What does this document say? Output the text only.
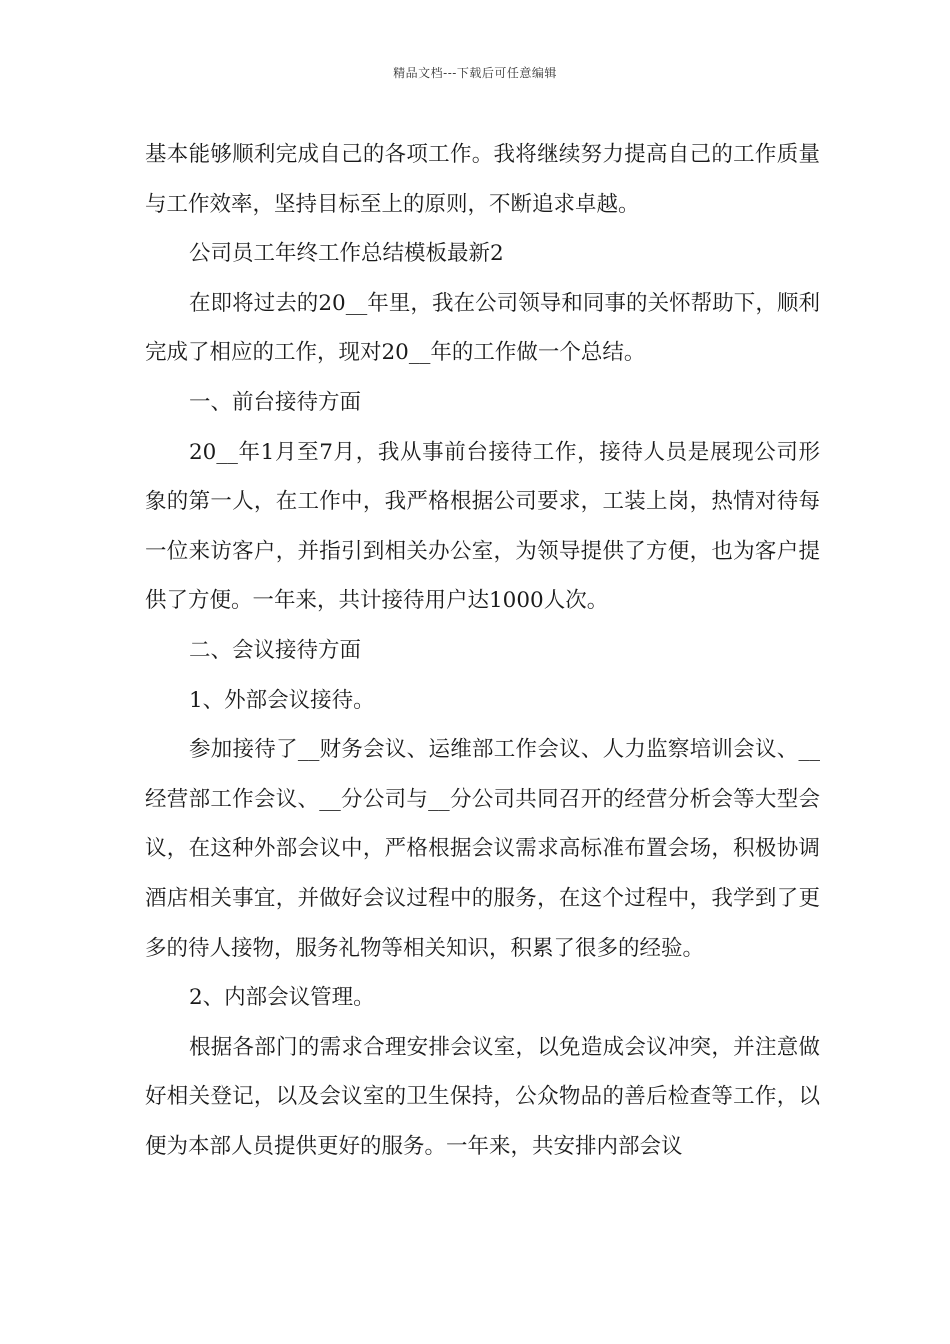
精品文档---下载后可任意编辑

基本能够顺利完成自己的各项工作。我将继续努力提高自己的工作质量与工作效率，坚持目标至上的原则，不断追求卓越。

公司员工年终工作总结模板最新2

在即将过去的20__年里，我在公司领导和同事的关怀帮助下，顺利完成了相应的工作，现对20__年的工作做一个总结。

一、前台接待方面

20__年1月至7月，我从事前台接待工作，接待人员是展现公司形象的第一人，在工作中，我严格根据公司要求，工装上岗，热情对待每一位来访客户，并指引到相关办公室，为领导提供了方便，也为客户提供了方便。一年来，共计接待用户达1000人次。

二、会议接待方面

1、外部会议接待。

参加接待了__财务会议、运维部工作会议、人力监察培训会议、__经营部工作会议、__分公司与__分公司共同召开的经营分析会等大型会议，在这种外部会议中，严格根据会议需求高标准布置会场，积极协调酒店相关事宜，并做好会议过程中的服务，在这个过程中，我学到了更多的待人接物，服务礼物等相关知识，积累了很多的经验。

2、内部会议管理。

根据各部门的需求合理安排会议室，以免造成会议冲突，并注意做好相关登记，以及会议室的卫生保持，公众物品的善后检查等工作，以便为本部人员提供更好的服务。一年来，共安排内部会议
